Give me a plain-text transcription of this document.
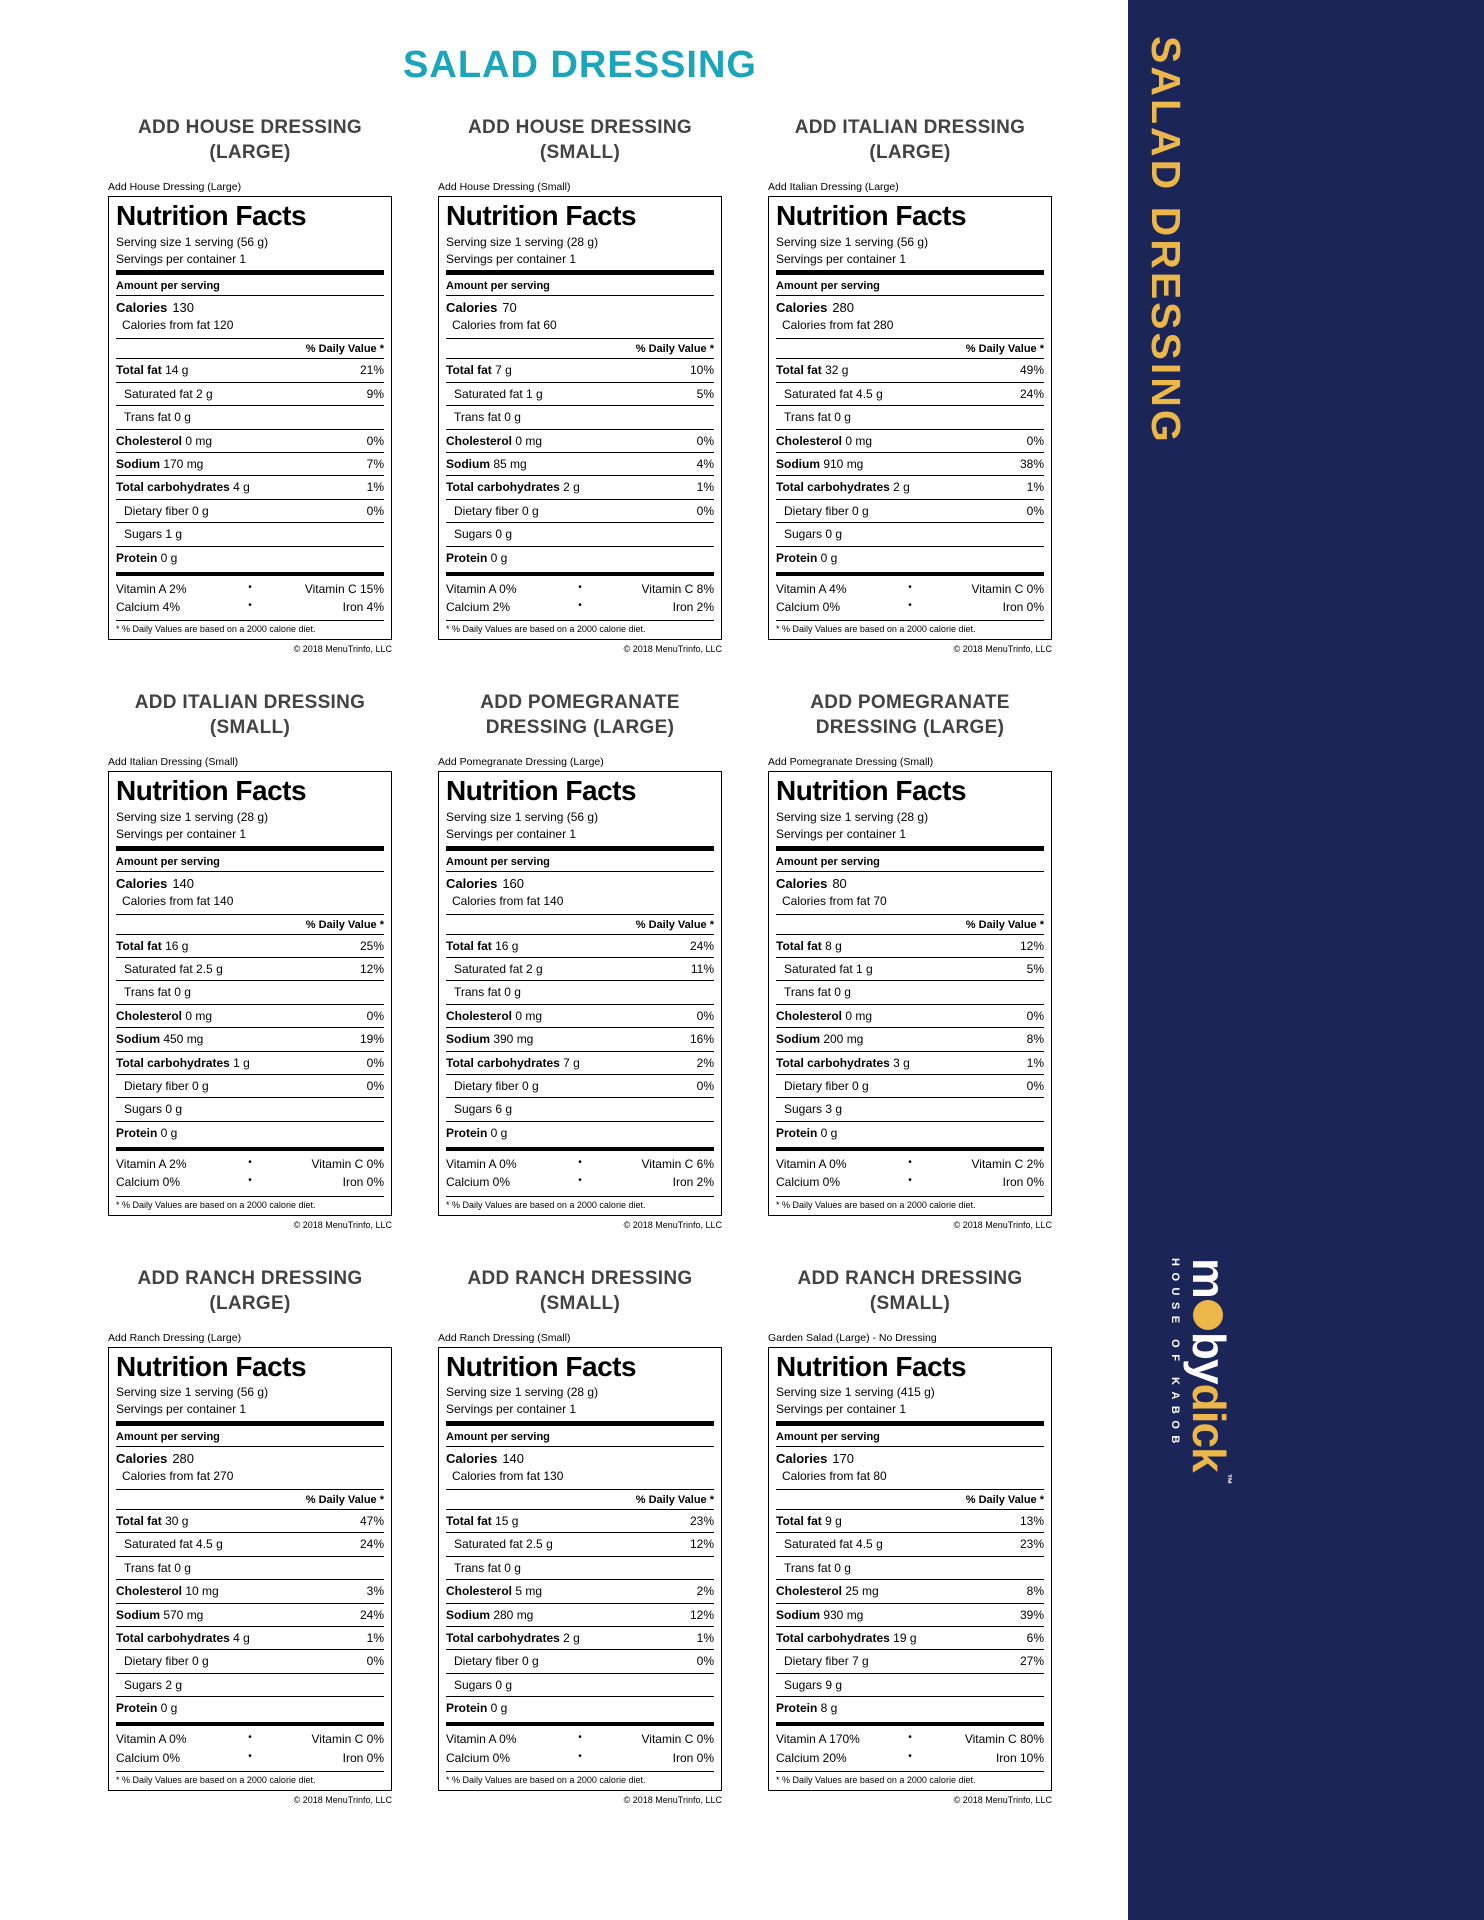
SALAD DRESSING
ADD HOUSE DRESSING (LARGE)
Add House Dressing (Large)
Nutrition Facts
Serving size 1 serving (56 g)
Servings per container 1
Amount per serving
Calories 130
Calories from fat 120
% Daily Value *
Total fat 14 g	21%
Saturated fat 2 g	9%
Trans fat 0 g
Cholesterol 0 mg	0%
Sodium 170 mg	7%
Total carbohydrates 4 g	1%
Dietary fiber 0 g	0%
Sugars 1 g
Protein 0 g
Vitamin A 2%	•	Vitamin C 15%
Calcium 4%	•	Iron 4%
* % Daily Values are based on a 2000 calorie diet.
© 2018 MenuTrinfo, LLC
ADD HOUSE DRESSING (SMALL)
Add House Dressing (Small)
Nutrition Facts
Serving size 1 serving (28 g)
Servings per container 1
Amount per serving
Calories 70
Calories from fat 60
% Daily Value *
Total fat 7 g	10%
Saturated fat 1 g	5%
Trans fat 0 g
Cholesterol 0 mg	0%
Sodium 85 mg	4%
Total carbohydrates 2 g	1%
Dietary fiber 0 g	0%
Sugars 0 g
Protein 0 g
Vitamin A 0%	•	Vitamin C 8%
Calcium 2%	•	Iron 2%
* % Daily Values are based on a 2000 calorie diet.
© 2018 MenuTrinfo, LLC
ADD ITALIAN DRESSING (LARGE)
Add Italian Dressing (Large)
Nutrition Facts
Serving size 1 serving (56 g)
Servings per container 1
Amount per serving
Calories 280
Calories from fat 280
% Daily Value *
Total fat 32 g	49%
Saturated fat 4.5 g	24%
Trans fat 0 g
Cholesterol 0 mg	0%
Sodium 910 mg	38%
Total carbohydrates 2 g	1%
Dietary fiber 0 g	0%
Sugars 0 g
Protein 0 g
Vitamin A 4%	•	Vitamin C 0%
Calcium 0%	•	Iron 0%
* % Daily Values are based on a 2000 calorie diet.
© 2018 MenuTrinfo, LLC
ADD ITALIAN DRESSING (SMALL)
Add Italian Dressing (Small)
Nutrition Facts
Serving size 1 serving (28 g)
Servings per container 1
Amount per serving
Calories 140
Calories from fat 140
% Daily Value *
Total fat 16 g	25%
Saturated fat 2.5 g	12%
Trans fat 0 g
Cholesterol 0 mg	0%
Sodium 450 mg	19%
Total carbohydrates 1 g	0%
Dietary fiber 0 g	0%
Sugars 0 g
Protein 0 g
Vitamin A 2%	•	Vitamin C 0%
Calcium 0%	•	Iron 0%
* % Daily Values are based on a 2000 calorie diet.
© 2018 MenuTrinfo, LLC
ADD POMEGRANATE DRESSING (LARGE)
Add Pomegranate Dressing (Large)
Nutrition Facts
Serving size 1 serving (56 g)
Servings per container 1
Amount per serving
Calories 160
Calories from fat 140
% Daily Value *
Total fat 16 g	24%
Saturated fat 2 g	11%
Trans fat 0 g
Cholesterol 0 mg	0%
Sodium 390 mg	16%
Total carbohydrates 7 g	2%
Dietary fiber 0 g	0%
Sugars 6 g
Protein 0 g
Vitamin A 0%	•	Vitamin C 6%
Calcium 0%	•	Iron 2%
* % Daily Values are based on a 2000 calorie diet.
© 2018 MenuTrinfo, LLC
ADD POMEGRANATE DRESSING (LARGE)
Add Pomegranate Dressing (Small)
Nutrition Facts
Serving size 1 serving (28 g)
Servings per container 1
Amount per serving
Calories 80
Calories from fat 70
% Daily Value *
Total fat 8 g	12%
Saturated fat 1 g	5%
Trans fat 0 g
Cholesterol 0 mg	0%
Sodium 200 mg	8%
Total carbohydrates 3 g	1%
Dietary fiber 0 g	0%
Sugars 3 g
Protein 0 g
Vitamin A 0%	•	Vitamin C 2%
Calcium 0%	•	Iron 0%
* % Daily Values are based on a 2000 calorie diet.
© 2018 MenuTrinfo, LLC
ADD RANCH DRESSING (LARGE)
Add Ranch Dressing (Large)
Nutrition Facts
Serving size 1 serving (56 g)
Servings per container 1
Amount per serving
Calories 280
Calories from fat 270
% Daily Value *
Total fat 30 g	47%
Saturated fat 4.5 g	24%
Trans fat 0 g
Cholesterol 10 mg	3%
Sodium 570 mg	24%
Total carbohydrates 4 g	1%
Dietary fiber 0 g	0%
Sugars 2 g
Protein 0 g
Vitamin A 0%	•	Vitamin C 0%
Calcium 0%	•	Iron 0%
* % Daily Values are based on a 2000 calorie diet.
© 2018 MenuTrinfo, LLC
ADD RANCH DRESSING (SMALL)
Add Ranch Dressing (Small)
Nutrition Facts
Serving size 1 serving (28 g)
Servings per container 1
Amount per serving
Calories 140
Calories from fat 130
% Daily Value *
Total fat 15 g	23%
Saturated fat 2.5 g	12%
Trans fat 0 g
Cholesterol 5 mg	2%
Sodium 280 mg	12%
Total carbohydrates 2 g	1%
Dietary fiber 0 g	0%
Sugars 0 g
Protein 0 g
Vitamin A 0%	•	Vitamin C 0%
Calcium 0%	•	Iron 0%
* % Daily Values are based on a 2000 calorie diet.
© 2018 MenuTrinfo, LLC
ADD RANCH DRESSING (SMALL)
Garden Salad (Large) - No Dressing
Nutrition Facts
Serving size 1 serving (415 g)
Servings per container 1
Amount per serving
Calories 170
Calories from fat 80
% Daily Value *
Total fat 9 g	13%
Saturated fat 4.5 g	23%
Trans fat 0 g
Cholesterol 25 mg	8%
Sodium 930 mg	39%
Total carbohydrates 19 g	6%
Dietary fiber 7 g	27%
Sugars 9 g
Protein 8 g
Vitamin A 170%	•	Vitamin C 80%
Calcium 20%	•	Iron 10%
* % Daily Values are based on a 2000 calorie diet.
© 2018 MenuTrinfo, LLC
SALAD DRESSING
mbydick™
HOUSE OF KABOB
